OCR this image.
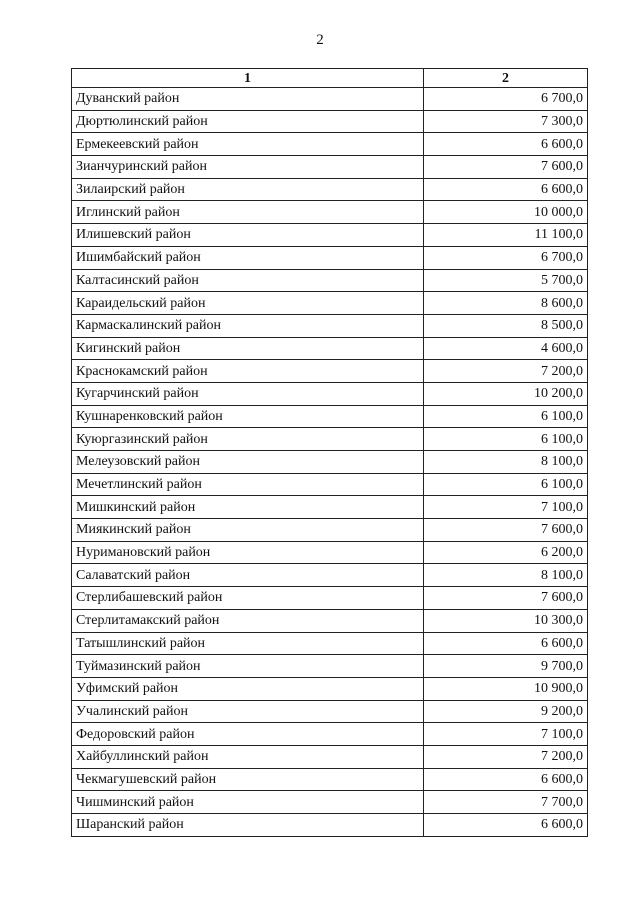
2
1	2
Дуванский район	6 700,0
Дюртюлинский район	7 300,0
Ермекеевский район	6 600,0
Зианчуринский район	7 600,0
Зилаирский район	6 600,0
Иглинский район	10 000,0
Илишевский район	11 100,0
Ишимбайский район	6 700,0
Калтасинский район	5 700,0
Караидельский район	8 600,0
Кармаскалинский район	8 500,0
Кигинский район	4 600,0
Краснокамский район	7 200,0
Кугарчинский район	10 200,0
Кушнаренковский район	6 100,0
Куюргазинский район	6 100,0
Мелеузовский район	8 100,0
Мечетлинский район	6 100,0
Мишкинский район	7 100,0
Миякинский район	7 600,0
Нуримановский район	6 200,0
Салаватский район	8 100,0
Стерлибашевский район	7 600,0
Стерлитамакский район	10 300,0
Татышлинский район	6 600,0
Туймазинский район	9 700,0
Уфимский район	10 900,0
Учалинский район	9 200,0
Федоровский район	7 100,0
Хайбуллинский район	7 200,0
Чекмагушевский район	6 600,0
Чишминский район	7 700,0
Шаранский район	6 600,0
